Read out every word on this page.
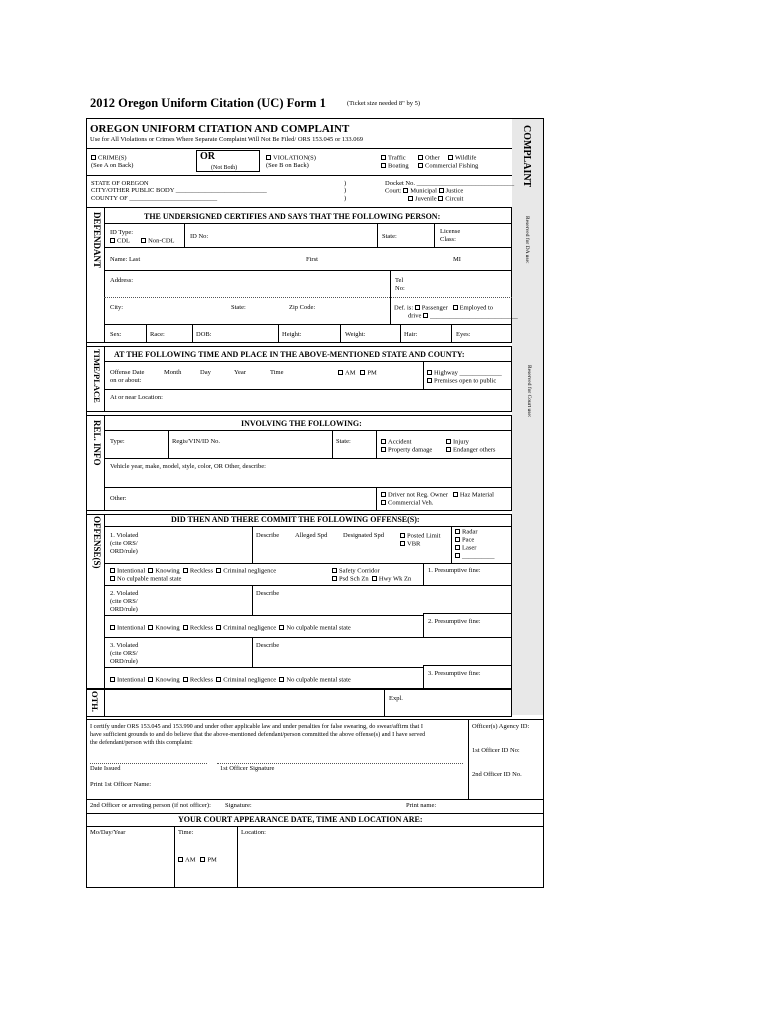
2012 Oregon Uniform Citation (UC) Form 1	(Ticket size needed 8" by 5)
OREGON UNIFORM CITATION AND COMPLAINT
Use for All Violations or Crimes Where Separate Complaint Will Not Be Filed/ ORS 153.045 or 133.069	COMPLAINT
Reserved for DA use:
Reserved for Court use:
CRIME(S)
(See A on Back)
OR
(Not Both)
VIOLATION(S)
(See B on Back)
Traffic	Other	Wildlife
Boating	Commercial Fishing
STATE OF OREGON
CITY/OTHER PUBLIC BODY ____________________________
COUNTY OF ___________________________
)
)
)
Docket No. ______________________________
Court: Municipal Justice
Juvenile Circuit
DEFENDANT	THE UNDERSIGNED CERTIFIES AND SAYS THAT THE FOLLOWING PERSON:
ID Type:
CDL	Non-CDL
ID No:	State:
License
Class:
Name: Last	First	MI
Address:	Tel
No:
City:	State:	Zip Code:	Def. is: Passenger Employed to
drive ___________________________
Sex:	Race:	DOB:	Height:	Weight:	Hair:	Eyes:
TIME/PLACE AT THE FOLLOWING TIME AND PLACE IN THE ABOVE-MENTIONED STATE AND COUNTY:
Offense Date
on or about:
Month	Day	Year	Time	AM PM	Highway _____________
Premises open to public
At or near Location:
REL. INFO	INVOLVING THE FOLLOWING:
Type:	Regis/VIN/ID No.	State:	Accident	Injury
Property damage	Endanger others
Vehicle year, make, model, style, color, OR Other, describe:
Other:	Driver not Reg. Owner Haz Material
Commercial Veh.
OFFENSE(S)	DID THEN AND THERE COMMIT THE FOLLOWING OFFENSE(S):
1. Violated
(cite ORS/
ORD/rule)
Describe Alleged Spd Designated Spd	Posted Limit
VBR
Radar
Pace
Laser
__________
Intentional Knowing Reckless Criminal negligence
No culpable mental state
Safety Corridor
Psd Sch Zn Hwy Wk Zn
1. Presumptive fine:
2. Violated
(cite ORS/
ORD/rule)
Describe
Intentional Knowing Reckless Criminal negligence No culpable mental state
2. Presumptive fine:
3. Violated
(cite ORS/
ORD/rule)
Describe
Intentional Knowing Reckless Criminal negligence No culpable mental state
3. Presumptive fine:
OTH.	Expl.
I certify under ORS 153.045 and 153.990 and under other applicable law and under penalties for false swearing, do swear/affirm that I
have sufficient grounds to and do believe that the above-mentioned defendant/person committed the above offense(s) and I have served
the defendant/person with this complaint:
Officer(s) Agency ID:
1st Officer ID No:
Date Issued	1st Officer Signature
2nd Officer ID No.
Print 1st Officer Name:
2nd Officer or arresting person (if not officer): Signature:	Print name:
YOUR COURT APPEARANCE DATE, TIME AND LOCATION ARE:
Mo/Day/Year	Time:	Location:
AM PM
